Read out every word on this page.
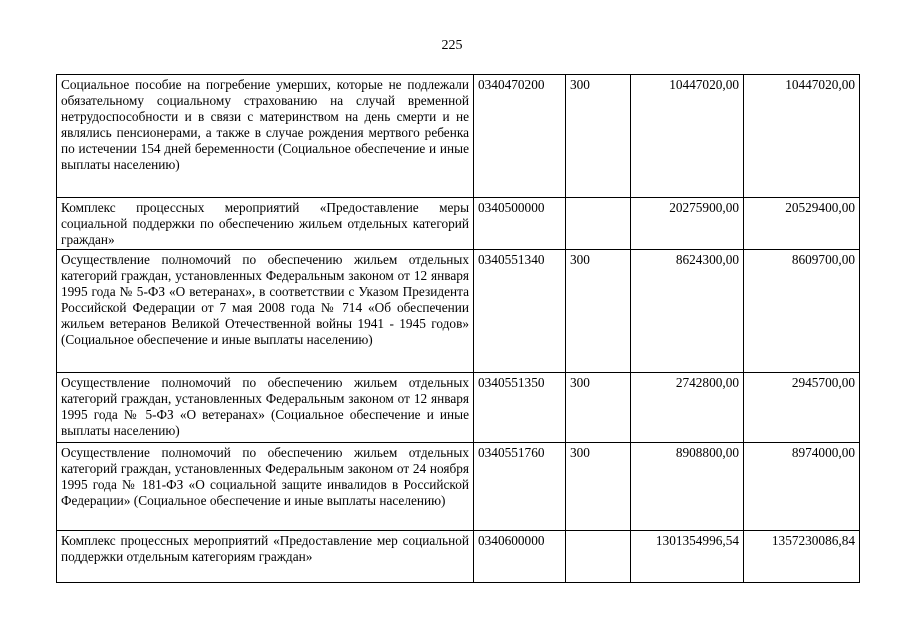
225
Социальное пособие на погребение умерших, которые не подлежали обязательному социальному страхованию на случай временной нетрудоспособности и в связи с материнством на день смерти и не являлись пенсионерами, а также в случае рождения мертвого ребенка по истечении 154 дней беременности (Социальное обеспечение и иные выплаты населению)	0340470200	300	10447020,00	10447020,00
Комплекс процессных мероприятий «Предоставление меры социальной поддержки по обеспечению жильем отдельных категорий граждан»	0340500000		20275900,00	20529400,00
Осуществление полномочий по обеспечению жильем отдельных категорий граждан, установленных Федеральным законом от 12 января 1995 года № 5-ФЗ «О ветеранах», в соответствии с Указом Президента Российской Федерации от 7 мая 2008 года № 714 «Об обеспечении жильем ветеранов Великой Отечественной войны 1941 - 1945 годов» (Социальное обеспечение и иные выплаты населению)	0340551340	300	8624300,00	8609700,00
Осуществление полномочий по обеспечению жильем отдельных категорий граждан, установленных Федеральным законом от 12 января 1995 года № 5-ФЗ «О ветеранах» (Социальное обеспечение и иные выплаты населению)	0340551350	300	2742800,00	2945700,00
Осуществление полномочий по обеспечению жильем отдельных категорий граждан, установленных Федеральным законом от 24 ноября 1995 года № 181-ФЗ «О социальной защите инвалидов в Российской Федерации» (Социальное обеспечение и иные выплаты населению)	0340551760	300	8908800,00	8974000,00
Комплекс процессных мероприятий «Предоставление мер социальной поддержки отдельным категориям граждан»	0340600000		1301354996,54	1357230086,84
